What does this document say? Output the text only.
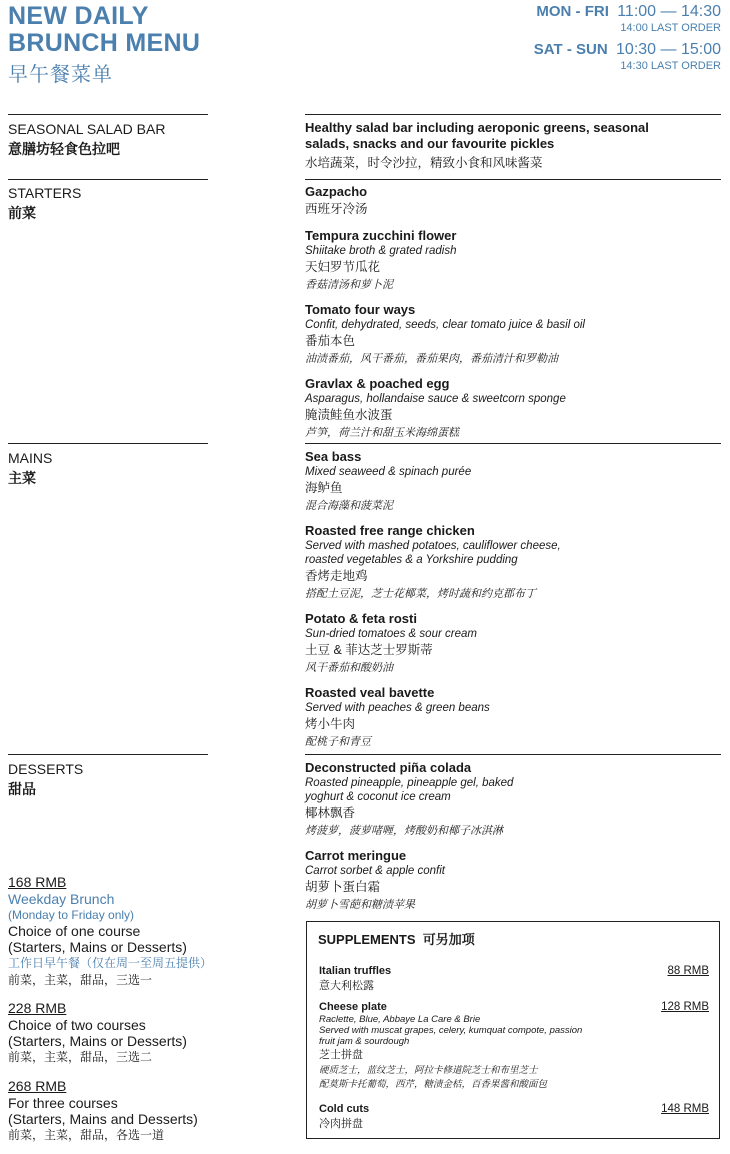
NEW DAILY
BRUNCH MENU
早午餐菜单
MON - FRI 11:00 — 14:30
14:00 LAST ORDER
SAT - SUN 10:30 — 15:00
14:30 LAST ORDER
SEASONAL SALAD BAR
意膳坊轻食色拉吧
Healthy salad bar including aeroponic greens, seasonal salads, snacks and our favourite pickles
水培蔬菜，时令沙拉，精致小食和风味酱菜
STARTERS
前菜
Gazpacho
西班牙冷汤
Tempura zucchini flower
Shiitake broth & grated radish
天妇罗节瓜花
香菇清汤和萝卜泥
Tomato four ways
Confit, dehydrated, seeds, clear tomato juice & basil oil
番茄本色
油渍番茄，风干番茄，番茄果肉，番茄清汁和罗勒油
Gravlax & poached egg
Asparagus, hollandaise sauce & sweetcorn sponge
腌渍鲑鱼水波蛋
芦笋，荷兰汁和甜玉米海绵蛋糕
MAINS
主菜
Sea bass
Mixed seaweed & spinach purée
海鲈鱼
混合海藻和菠菜泥
Roasted free range chicken
Served with mashed potatoes, cauliflower cheese, roasted vegetables & a Yorkshire pudding
香烤走地鸡
搭配土豆泥，芝士花椰菜，烤时蔬和约克郡布丁
Potato & feta rosti
Sun-dried tomatoes & sour cream
土豆 & 菲达芝士罗斯蒂
风干番茄和酸奶油
Roasted veal bavette
Served with peaches & green beans
烤小牛肉
配桃子和青豆
DESSERTS
甜品
Deconstructed piña colada
Roasted pineapple, pineapple gel, baked yoghurt & coconut ice cream
椰林飘香
烤菠萝，菠萝啫喱，烤酸奶和椰子冰淇淋
Carrot meringue
Carrot sorbet & apple confit
胡萝卜蛋白霜
胡萝卜雪葩和糖渍苹果
168 RMB
Weekday Brunch
(Monday to Friday only)
Choice of one course
(Starters, Mains or Desserts)
工作日早午餐（仅在周一至周五提供）
前菜，主菜，甜品，三选一
228 RMB
Choice of two courses
(Starters, Mains or Desserts)
前菜，主菜，甜品，三选二
268 RMB
For three courses
(Starters, Mains and Desserts)
前菜，主菜，甜品，各选一道
SUPPLEMENTS 可另加项
Italian truffles	88 RMB
意大利松露
Cheese plate	128 RMB
Raclette, Blue, Abbaye La Care & Brie
Served with muscat grapes, celery, kumquat compote, passion fruit jam & sourdough
芝士拼盘
硬质芝士，蓝纹芝士，阿拉卡修道院芝士和布里芝士
配莫斯卡托葡萄，西芹，糖渍金桔，百香果酱和酸面包
Cold cuts	148 RMB
冷肉拼盘
